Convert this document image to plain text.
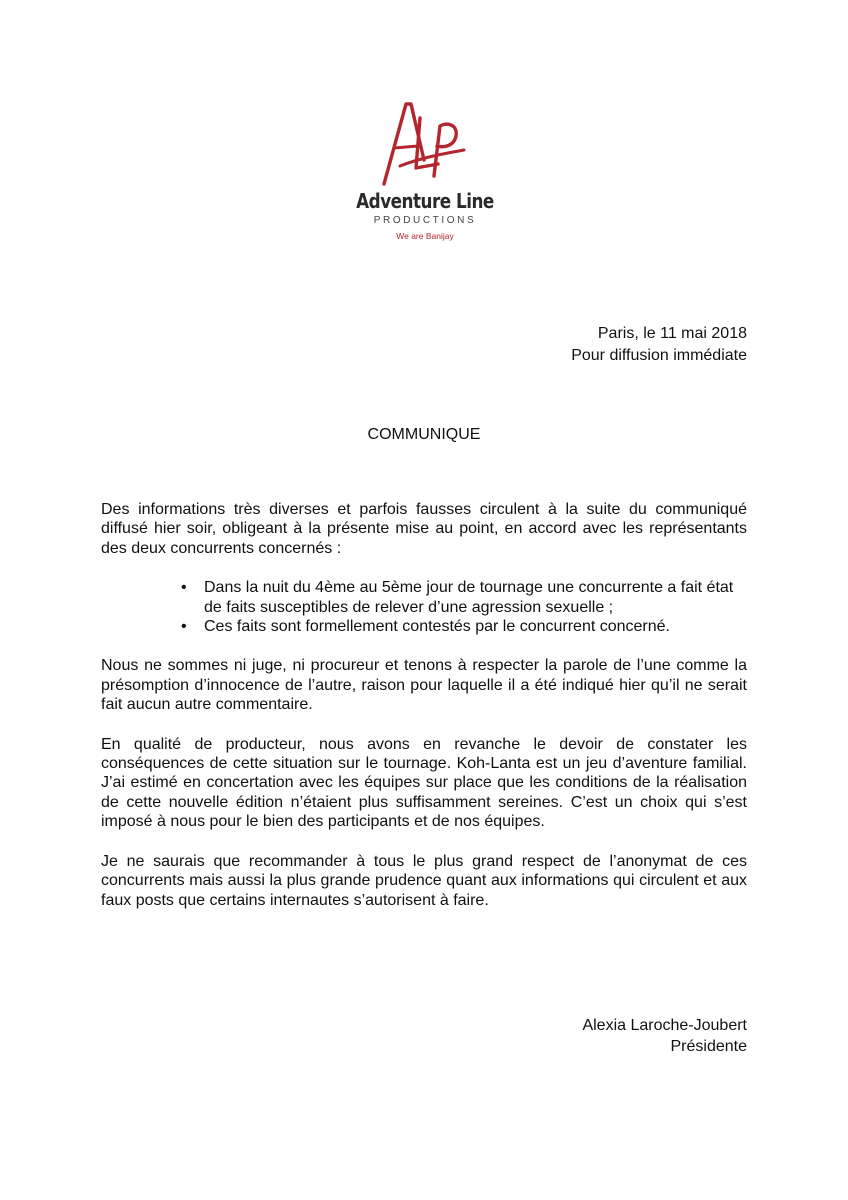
Adventure Line
PRODUCTIONS
We are Banijay
Paris, le 11 mai 2018
Pour diffusion immédiate
COMMUNIQUE

Des informations très diverses et parfois fausses circulent à la suite du communiqué diffusé hier soir, obligeant à la présente mise au point, en accord avec les représentants des deux concurrents concernés :

• Dans la nuit du 4ème au 5ème jour de tournage une concurrente a fait état de faits susceptibles de relever d’une agression sexuelle ;
• Ces faits sont formellement contestés par le concurrent concerné.

Nous ne sommes ni juge, ni procureur et tenons à respecter la parole de l’une comme la présomption d’innocence de l’autre, raison pour laquelle il a été indiqué hier qu’il ne serait fait aucun autre commentaire.

En qualité de producteur, nous avons en revanche le devoir de constater les conséquences de cette situation sur le tournage. Koh-Lanta est un jeu d’aventure familial. J’ai estimé en concertation avec les équipes sur place que les conditions de la réalisation de cette nouvelle édition n’étaient plus suffisamment sereines. C’est un choix qui s’est imposé à nous pour le bien des participants et de nos équipes.

Je ne saurais que recommander à tous le plus grand respect de l’anonymat de ces concurrents mais aussi la plus grande prudence quant aux informations qui circulent et aux faux posts que certains internautes s’autorisent à faire.

Alexia Laroche-Joubert
Présidente
